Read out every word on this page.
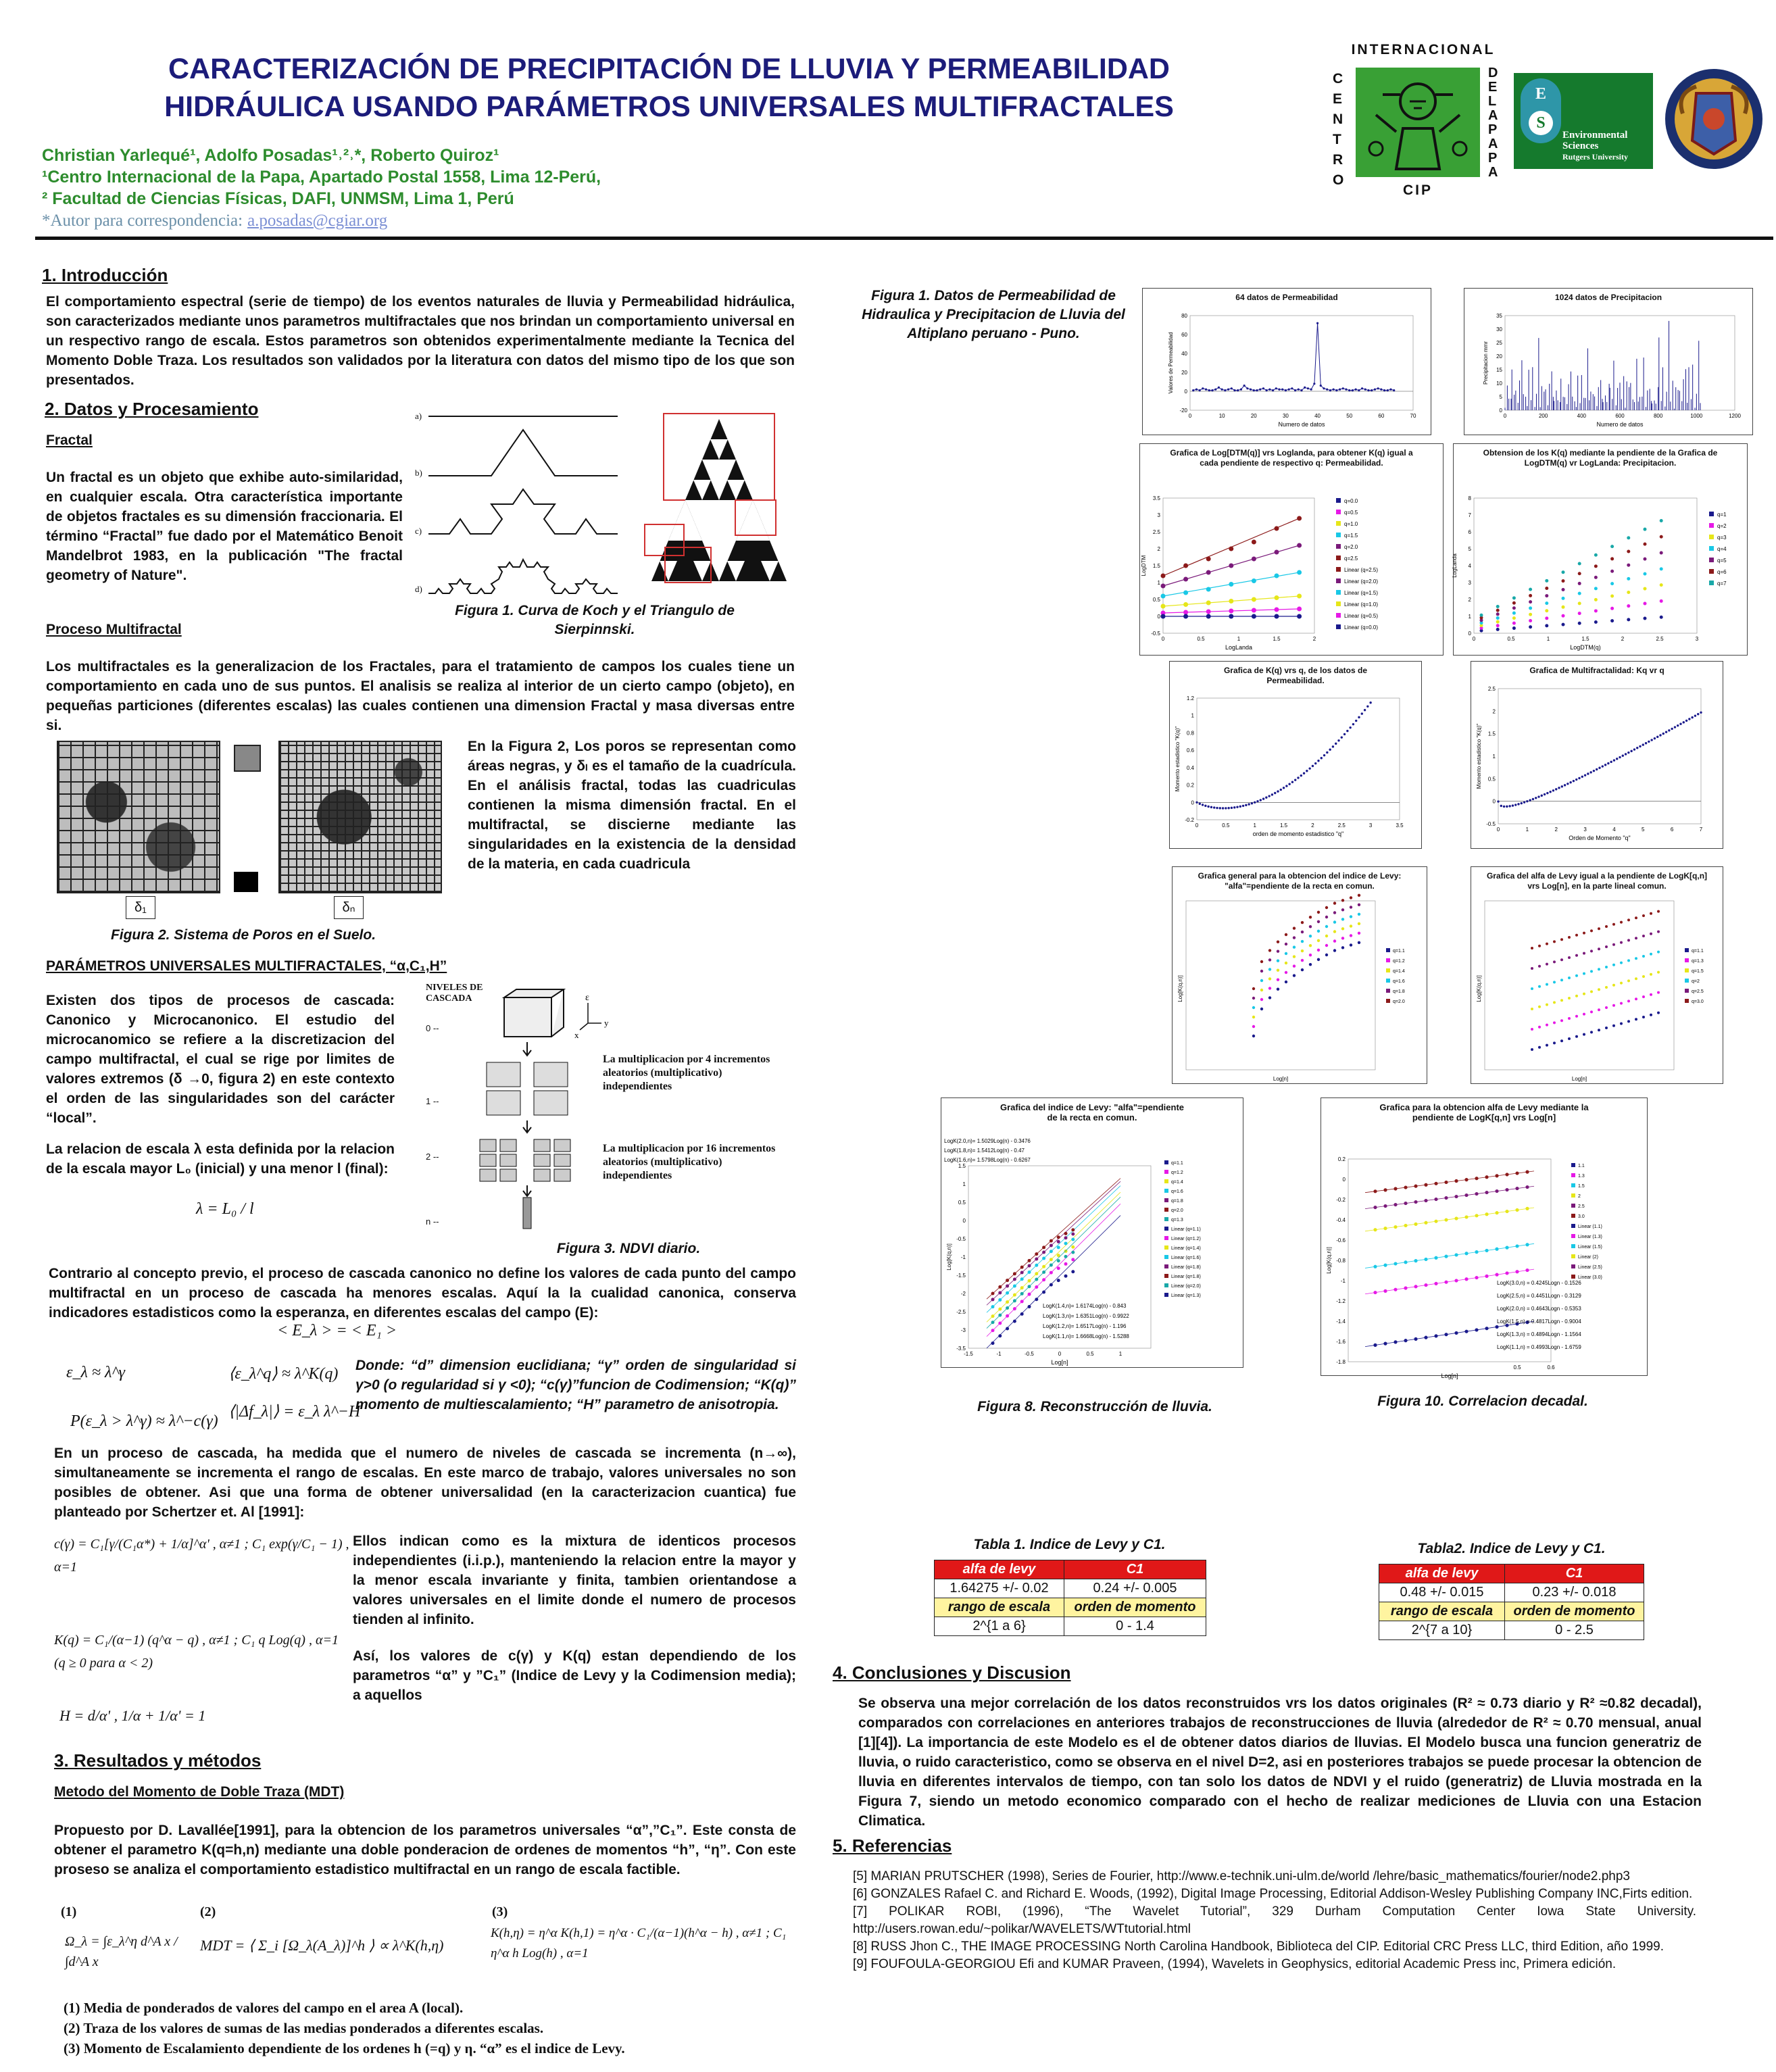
CARACTERIZACIÓN DE PRECIPITACIÓN DE LLUVIA Y PERMEABILIDAD
HIDRÁULICA USANDO PARÁMETROS UNIVERSALES MULTIFRACTALES
Christian Yarlequé¹, Adolfo Posadas¹˒²˒*, Roberto Quiroz¹
¹Centro Internacional de la Papa, Apartado Postal 1558, Lima 12-Perú,
² Facultad de Ciencias Físicas, DAFI, UNMSM, Lima 1, Perú
*Autor para correspondencia: a.posadas@cgiar.org
INTERNACIONAL
CENTRO
DE LA PAPA
CIP
E
S
Environmental
Sciences
Rutgers University
1. Introducción
El comportamiento espectral (serie de tiempo) de los eventos naturales de lluvia y Permeabilidad hidráulica, son caracterizados mediante unos parametros multifractales que nos brindan un comportamiento universal en un respectivo rango de escala. Estos parametros son obtenidos experimentalmente mediante la Tecnica del Momento Doble Traza. Los resultados son validados por la literatura con datos del mismo tipo de los que son presentados.
2. Datos y Procesamiento
Fractal
Un fractal es un objeto que exhibe auto-similaridad, en cualquier escala. Otra característica importante de objetos fractales es su dimensión fraccionaria. El término “Fractal” fue dado por el Matemático Benoit Mandelbrot 1983, en la publicación "The fractal geometry of Nature".
a)
b)
c)
d)
Figura 1. Curva de Koch y el Triangulo de Sierpinnski.
Proceso Multifractal
Los multifractales es la generalizacion de los Fractales, para el tratamiento de campos los cuales tiene un comportamiento en cada uno de sus puntos. El analisis se realiza al interior de un cierto campo (objeto), en pequeñas particiones (diferentes escalas) las cuales contienen una dimension Fractal y masa diversas entre si.
δ₁	δₙ
En la Figura 2, Los poros se representan como áreas negras, y δₗ es el tamaño de la cuadrícula. En el análisis fractal, todas las cuadriculas contienen la misma dimensión fractal. En el multifractal, se discierne mediante las singularidades en la existencia de la densidad de la materia, en cada cuadricula
Figura 2. Sistema de Poros en el Suelo.
PARÁMETROS UNIVERSALES MULTIFRACTALES, “α,C₁,H”
Existen dos tipos de procesos de cascada: Canonico y Microcanonico. El estudio del microcanomico se refiere a la discretizacion del campo multifractal, el cual se rige por limites de valores extremos (δ →0, figura 2) en este contexto el orden de las singularidades son del carácter “local”.
La relacion de escala λ esta definida por la relacion de la escala mayor L₀ (inicial) y una menor l (final):
λ = L₀ / l
NIVELES DE CASCADA
0 --
1 --
2 --
n --
ε
y
x
La multiplicacion por 4 incrementos aleatorios (multiplicativo) independientes
La multiplicacion por 16 incrementos aleatorios (multiplicativo) independientes
Figura 3. NDVI diario.
Contrario al concepto previo, el proceso de cascada canonico no define los valores de cada punto del campo multifractal en un proceso de cascada ha menores escalas. Aquí la la cualidad canonica, conserva indicadores estadisticos como la esperanza, en diferentes escalas del campo (E):
< E_λ > = < E₁ >
ε_λ ≈ λ^γ	⟨ε_λ^q⟩ ≈ λ^K(q)
P(ε_λ > λ^γ) ≈ λ^−c(γ)
⟨|Δf_λ|⟩ = ε_λ λ^−H
Donde: “d” dimension euclidiana; “γ” orden de singularidad si γ>0 (o regularidad si γ <0); “c(γ)”funcion de Codimension; “K(q)” momento de multiescalamiento; “H” parametro de anisotropia.
En un proceso de cascada, ha medida que el numero de niveles de cascada se incrementa (n→∞), simultaneamente se incrementa el rango de escalas. En este marco de trabajo, valores universales no son posibles de obtener. Asi que una forma de obtener universalidad (en la caracterizacion cuantica) fue planteado por Schertzer et. Al [1991]:
c(γ) = C₁[γ/(C₁α*) + 1/α]^α' , α≠1 ; C₁ exp(γ/C₁ − 1) , α=1
K(q) = C₁/(α−1) (q^α − q) , α≠1 ; C₁ q Log(q) , α=1 (q ≥ 0 para α < 2)
H = d/α' , 1/α + 1/α' = 1
Ellos indican como es la mixtura de identicos procesos independientes (i.i.p.), manteniendo la relacion entre la mayor y la menor escala invariante y finita, tambien orientandose a valores universales en el limite donde el numero de procesos tienden al infinito.
Así, los valores de c(γ) y K(q) estan dependiendo de los parametros “α” y ”C₁” (Indice de Levy y la Codimension media); a aquellos
3. Resultados y métodos
Metodo del Momento de Doble Traza (MDT)
Propuesto por D. Lavallée[1991], para la obtencion de los parametros universales “α”,”C₁”. Este consta de obtener el parametro K(q=h,n) mediante una doble ponderacion de ordenes de momentos “h”, “η”. Con este proseso se analiza el comportamiento estadistico multifractal en un rango de escala factible.
(1)	(2)	(3)
Ω_λ = ∫ε_λ^η d^A x / ∫d^A x
MDT = ⟨ Σ_i [Ω_λ(A_λ)]^h ⟩ ∝ λ^K(h,η)
K(h,η) = η^α K(h,1) = η^α · C₁/(α−1)(h^α − h) , α≠1 ; C₁ η^α h Log(h) , α=1
(1) Media de ponderados de valores del campo en el area A (local).
(2) Traza de los valores de sumas de las medias ponderados a diferentes escalas.
(3) Momento de Escalamiento dependiente de los ordenes h (=q) y η. “α” es el indice de Levy.
Figura 1. Datos de Permeabilidad de Hidraulica y Precipitacion de Lluvia del Altiplano peruano - Puno.
64 datos de Permeabilidad
0	10	20	30	40	50	60	70
-20
0
20
40
60
80
Numero de datos
Valores de Permeabilidad
1024 datos de Precipitacion
0	200	400	600	800	1000	1200
0
5
10
15
20
25
30
35
Numero de datos
Precipitacion mmr
Grafica de Log[DTM(q)] vrs Loglanda, para obtener K(q) igual a cada pendiente de respectivo q: Permeabilidad.
0	0.5	1	1.5	2
-0.5
0
0.5
1
1.5
2
2.5
3
3.5
LogLanda
LogDTM
q=0.0
q=0.5
q=1.0
q=1.5
q=2.0
q=2.5
Linear (q=2.5)
Linear (q=2.0)
Linear (q=1.5)
Linear (q=1.0)
Linear (q=0.5)
Linear (q=0.0)
Obtension de los K(q) mediante la pendiente de la Grafica de LogDTM(q) vr LogLanda: Precipitacion.
0	0.5	1	1.5	2	2.5	3
0
1
2
3
4
5
6
7
8
LogDTM(q)
LogLanda
q=1
q=2
q=3
q=4
q=5
q=6
q=7
Grafica de K(q) vrs q, de los datos de Permeabilidad.
0	0.5	1	1.5	2	2.5	3	3.5
-0.2
0
0.2
0.4
0.6
0.8
1
1.2
orden de momento estadistico "q"
Momento estadistico "K(q)"
Grafica de Multifractalidad: Kq vr q
0	1	2	3	4	5	6	7
-0.5
0
0.5
1
1.5
2
2.5
Orden de Momento "q"
Momento estadistico "K(q)"
Grafica general para la obtencion del indice de Levy: "alfa"=pendiente de la recta en comun.
Log[n]
Log[K(q,n)]
q=1.1
q=1.2
q=1.4
q=1.6
q=1.8
q=2.0
Grafica del alfa de Levy igual a la pendiente de LogK[q,n] vrs Log[n], en la parte lineal comun.
Log[n]
Log[K(q,n)]
q=1.1
q=1.3
q=1.5
q=2
q=2.5
q=3.0
Grafica del indice de Levy: "alfa"=pendiente de la recta en comun.
-1.5	-1	-0.5	0	0.5	1
-3.5
-3
-2.5
-2
-1.5
-1
-0.5
0
0.5
1
1.5
Log[n]
Log[K(q,n)]
LogK(2.0,n)= 1.5029Log(n) - 0.3476
LogK(1.8,n)= 1.5412Log(n) - 0.47
LogK(1.6,n)= 1.5798Log(n) - 0.6267
LogK(1.4,n)= 1.6174Log(n) - 0.843
LogK(1.3,n)= 1.6351Log(n) - 0.9922
LogK(1.2,n)= 1.6517Log(n) - 1.196
LogK(1.1,n)= 1.6668Log(n) - 1.5288
q=1.1
q=1.2
q=1.4
q=1.6
q=1.8
q=2.0
q=1.3
Linear (q=1.1)
Linear (q=1.2)
Linear (q=1.4)
Linear (q=1.6)
Linear (q=1.8)
Linear (q=1.8)
Linear (q=2.0)
Linear (q=1.3)
Grafica para la obtencion alfa de Levy mediante la pendiente de LogK[q,n] vrs Log[n]
0.5	0.6
-1.8
-1.6
-1.4
-1.2
-1
-0.8
-0.6
-0.4
-0.2
0
0.2
Log[n]
Log[K(q,n)]
LogK(3.0,n) = 0.4245Logn - 0.1526
LogK(2.5,n) = 0.4451Logn - 0.3129
LogK(2.0,n) = 0.4643Logn - 0.5353
LogK(1.5,n) = 0.4817Logn - 0.9004
LogK(1.3,n) = 0.4894Logn - 1.1564
LogK(1.1,n) = 0.4993Logn - 1.6759
1.1
1.3
1.5
2
2.5
3.0
Linear (1.1)
Linear (1.3)
Linear (1.5)
Linear (2)
Linear (2.5)
Linear (3.0)
Figura 8. Reconstrucción de lluvia.	Figura 10. Correlacion decadal.
Tabla 1. Indice de Levy y C1.
alfa de levy	C1
1.64275 +/- 0.02	0.24 +/- 0.005
rango de escala	orden de momento
2^{1 a 6}	0 - 1.4
Tabla2. Indice de Levy y C1.
alfa de levy	C1
0.48 +/- 0.015	0.23 +/- 0.018
rango de escala	orden de momento
2^{7 a 10}	0 - 2.5
4. Conclusiones y Discusion
Se observa una mejor correlación de los datos reconstruidos vrs los datos originales (R² ≈ 0.73 diario y R² ≈0.82 decadal), comparados con correlaciones en anteriores trabajos de reconstrucciones de lluvia (alrededor de R² ≈ 0.70 mensual, anual [1][4]). La importancia de este Modelo es el de obtener datos diarios de lluvias. El Modelo busca una funcion generatriz de lluvia, o ruido caracteristico, como se observa en el nivel D=2, asi en posteriores trabajos se puede procesar la obtencion de lluvia en diferentes intervalos de tiempo, con tan solo los datos de NDVI y el ruido (generatriz) de Lluvia mostrada en la Figura 7, siendo un metodo economico comparado con el hecho de realizar mediciones de Lluvia con una Estacion Climatica.
5. Referencias
[5] MARIAN PRUTSCHER (1998), Series de Fourier, http://www.e-technik.uni-ulm.de/world /lehre/basic_mathematics/fourier/node2.php3
[6] GONZALES Rafael C. and Richard E. Woods, (1992), Digital Image Processing, Editorial Addison-Wesley Publishing Company INC,Firts edition.
[7] POLIKAR ROBI, (1996), “The Wavelet Tutorial”, 329 Durham Computation Center Iowa State University. http://users.rowan.edu/~polikar/WAVELETS/WTtutorial.html
[8] RUSS Jhon C., THE IMAGE PROCESSING North Carolina Handbook, Biblioteca del CIP. Editorial CRC Press LLC, third Edition, año 1999.
[9] FOUFOULA-GEORGIOU Efi and KUMAR Praveen, (1994), Wavelets in Geophysics, editorial Academic Press inc, Primera edición.
